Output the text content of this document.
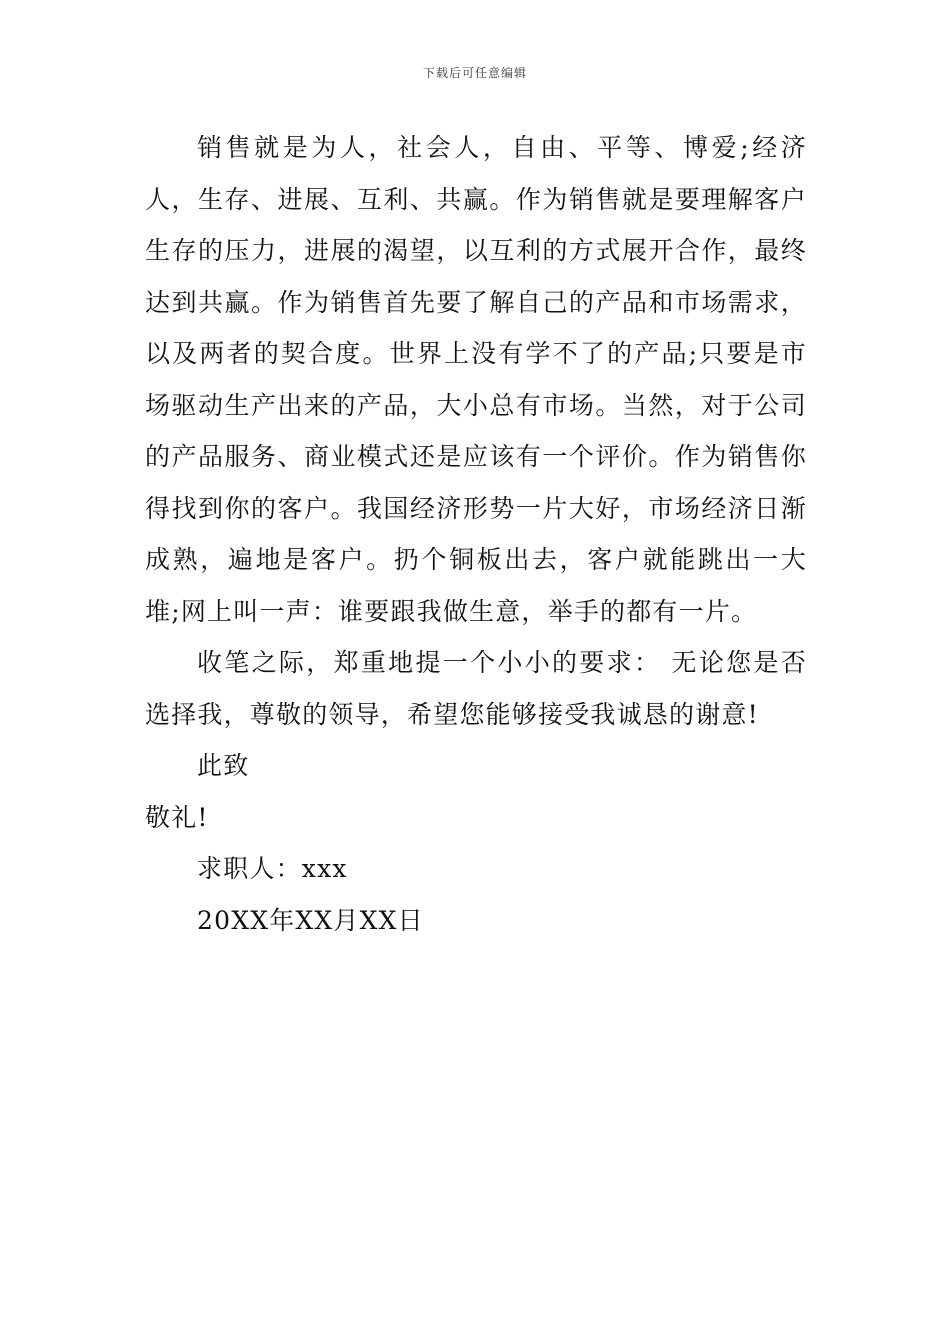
下载后可任意编辑

销售就是为人，社会人，自由、平等、博爱;经济人，生存、进展、互利、共赢。作为销售就是要理解客户生存的压力，进展的渴望，以互利的方式展开合作，最终达到共赢。作为销售首先要了解自己的产品和市场需求，以及两者的契合度。世界上没有学不了的产品;只要是市场驱动生产出来的产品，大小总有市场。当然，对于公司的产品服务、商业模式还是应该有一个评价。作为销售你得找到你的客户。我国经济形势一片大好，市场经济日渐成熟，遍地是客户。扔个铜板出去，客户就能跳出一大堆;网上叫一声：谁要跟我做生意，举手的都有一片。

收笔之际，郑重地提一个小小的要求： 无论您是否选择我，尊敬的领导，希望您能够接受我诚恳的谢意!

此致

敬礼!

求职人：xxx

20XX年XX月XX日
